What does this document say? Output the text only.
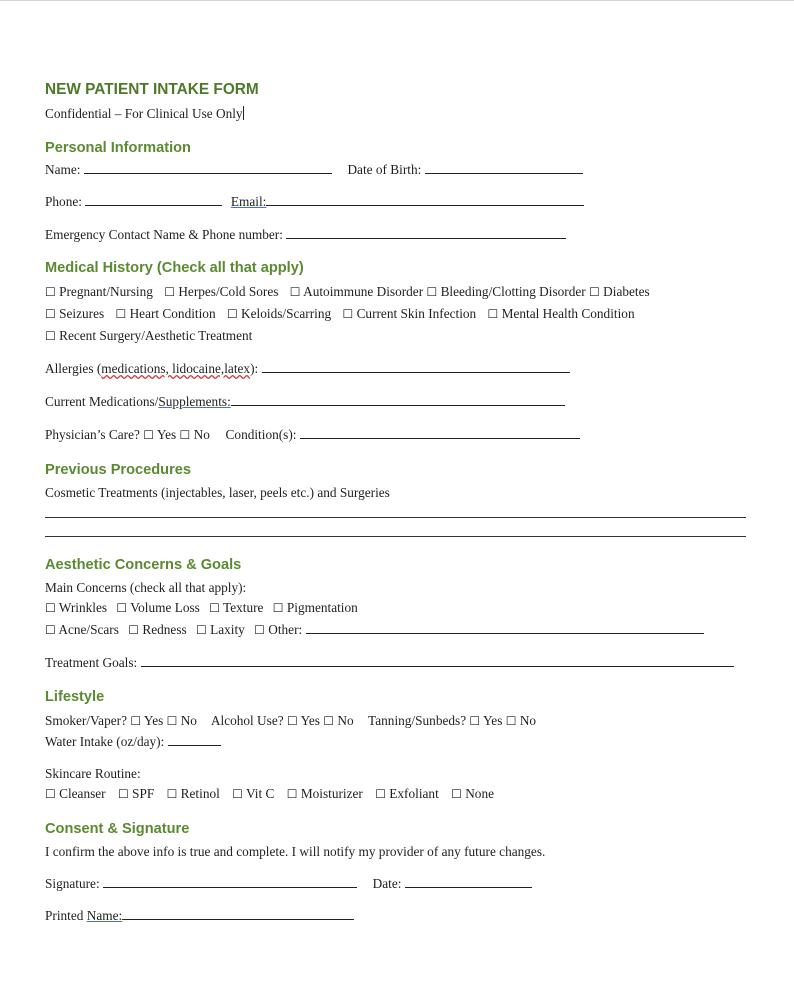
NEW PATIENT INTAKE FORM
Confidential – For Clinical Use Only
Personal Information
Name:	Date of Birth:
Phone:	Email:
Emergency Contact Name & Phone number:
Medical History (Check all that apply)
☐ Pregnant/Nursing ☐ Herpes/Cold Sores ☐ Autoimmune Disorder ☐ Bleeding/Clotting Disorder ☐ Diabetes
☐ Seizures ☐ Heart Condition ☐ Keloids/Scarring ☐ Current Skin Infection ☐ Mental Health Condition
☐ Recent Surgery/Aesthetic Treatment
Allergies (medications, lidocaine,latex):
Current Medications/Supplements:
Physician’s Care? ☐ Yes ☐ No Condition(s):
Previous Procedures
Cosmetic Treatments (injectables, laser, peels etc.) and Surgeries
Aesthetic Concerns & Goals
Main Concerns (check all that apply):
☐ Wrinkles ☐ Volume Loss ☐ Texture ☐ Pigmentation
☐ Acne/Scars ☐ Redness ☐ Laxity ☐ Other:
Treatment Goals:
Lifestyle
Smoker/Vaper? ☐ Yes ☐ No Alcohol Use? ☐ Yes ☐ No Tanning/Sunbeds? ☐ Yes ☐ No
Water Intake (oz/day):
Skincare Routine:
☐ Cleanser ☐ SPF ☐ Retinol ☐ Vit C ☐ Moisturizer ☐ Exfoliant ☐ None
Consent & Signature
I confirm the above info is true and complete. I will notify my provider of any future changes.
Signature:	Date:
Printed Name:
